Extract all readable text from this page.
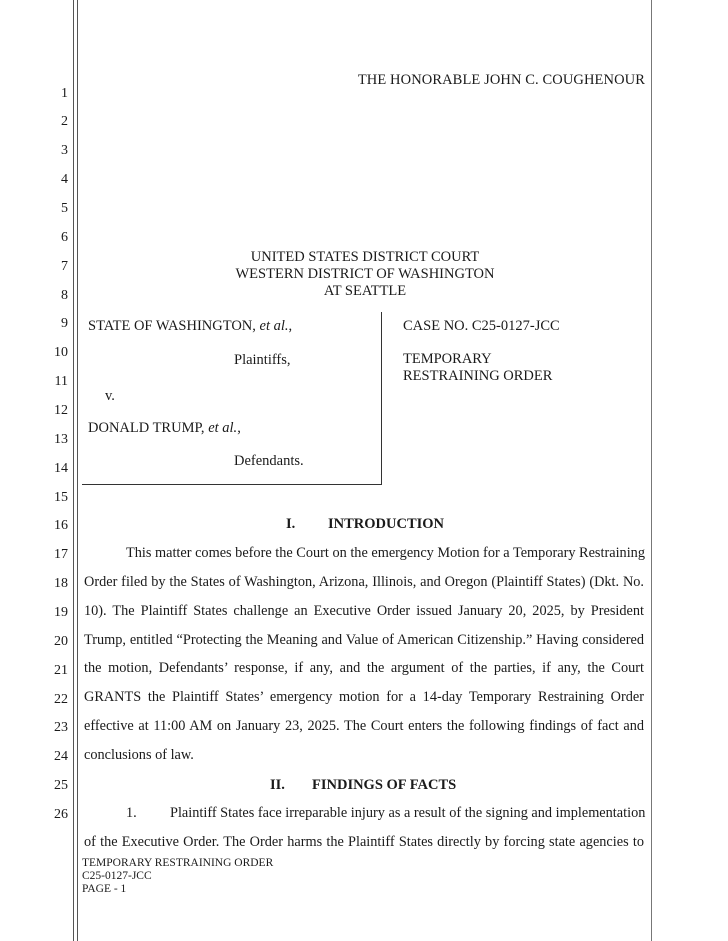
1
2
3
4
5
6
7
8
9
10
11
12
13
14
15
16
17
18
19
20
21
22
23
24
25
26
THE HONORABLE JOHN C. COUGHENOUR
UNITED STATES DISTRICT COURT
WESTERN DISTRICT OF WASHINGTON
AT SEATTLE
STATE OF WASHINGTON, et al.,
Plaintiffs,
v.
DONALD TRUMP, et al.,
Defendants.
CASE NO. C25-0127-JCC
TEMPORARY
RESTRAINING ORDER
I. INTRODUCTION
This matter comes before the Court on the emergency Motion for a Temporary Restraining
Order filed by the States of Washington, Arizona, Illinois, and Oregon (Plaintiff States) (Dkt. No.
10). The Plaintiff States challenge an Executive Order issued January 20, 2025, by President
Trump, entitled “Protecting the Meaning and Value of American Citizenship.” Having considered
the motion, Defendants’ response, if any, and the argument of the parties, if any, the Court
GRANTS the Plaintiff States’ emergency motion for a 14-day Temporary Restraining Order
effective at 11:00 AM on January 23, 2025. The Court enters the following findings of fact and
conclusions of law.
II. FINDINGS OF FACTS
1. Plaintiff States face irreparable injury as a result of the signing and implementation
of the Executive Order. The Order harms the Plaintiff States directly by forcing state agencies to
TEMPORARY RESTRAINING ORDER
C25-0127-JCC
PAGE - 1
